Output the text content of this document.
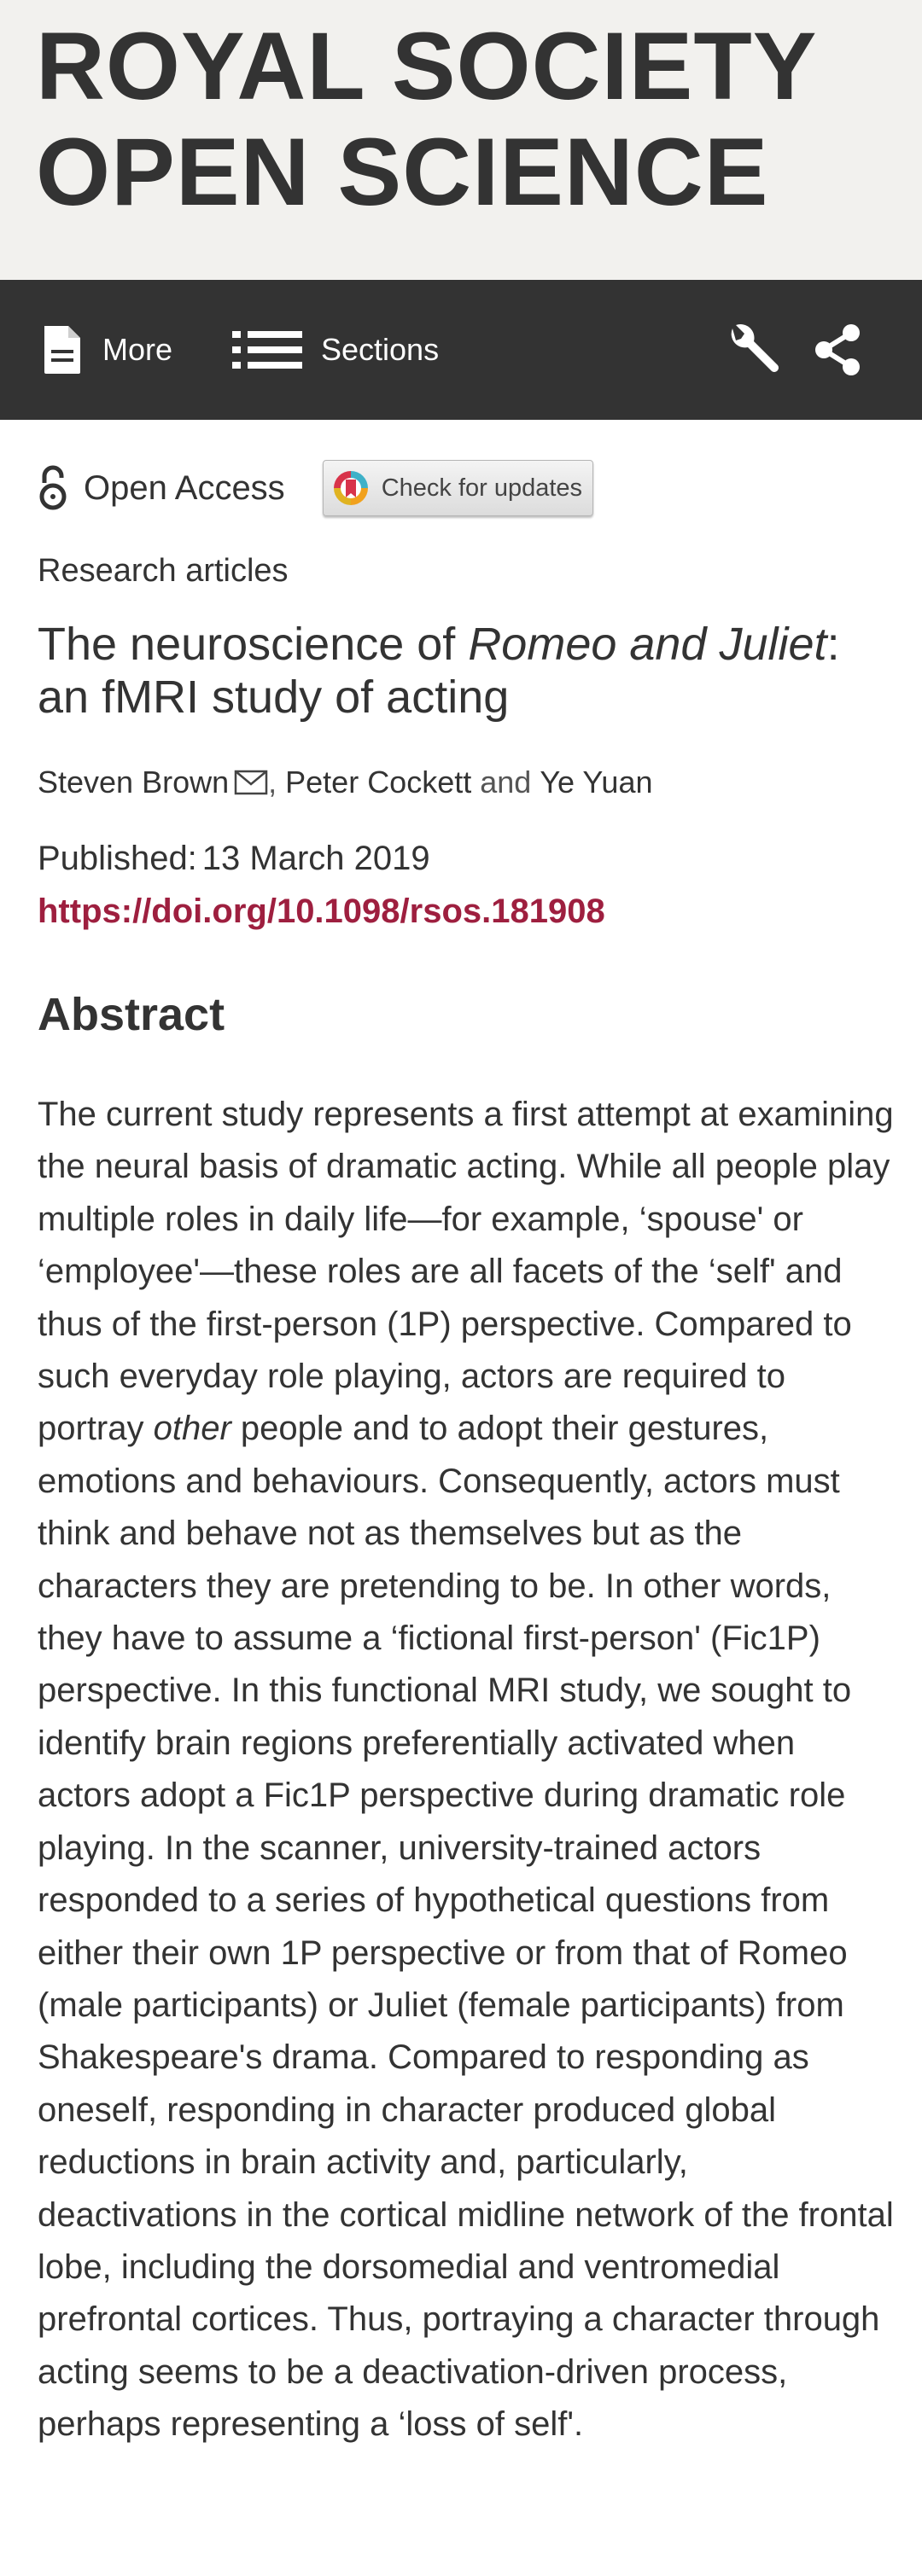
ROYAL SOCIETY
OPEN SCIENCE
More	Sections
Open Access	Check for updates
Research articles
The neuroscience of Romeo and Juliet: an fMRI study of acting
Steven Brown , Peter Cockett and Ye Yuan
Published: 13 March 2019
https://doi.org/10.1098/rsos.181908
Abstract

The current study represents a first attempt at examining the neural basis of dramatic acting. While all people play multiple roles in daily life—for example, ‘spouse' or ‘employee'—these roles are all facets of the ‘self' and thus of the first-person (1P) perspective. Compared to such everyday role playing, actors are required to portray other people and to adopt their gestures, emotions and behaviours. Consequently, actors must think and behave not as themselves but as the characters they are pretending to be. In other words, they have to assume a ‘fictional first-person' (Fic1P) perspective. In this functional MRI study, we sought to identify brain regions preferentially activated when actors adopt a Fic1P perspective during dramatic role playing. In the scanner, university-trained actors responded to a series of hypothetical questions from either their own 1P perspective or from that of Romeo (male participants) or Juliet (female participants) from Shakespeare's drama. Compared to responding as oneself, responding in character produced global reductions in brain activity and, particularly, deactivations in the cortical midline network of the frontal lobe, including the dorsomedial and ventromedial prefrontal cortices. Thus, portraying a character through acting seems to be a deactivation-driven process, perhaps representing a ‘loss of self'.
